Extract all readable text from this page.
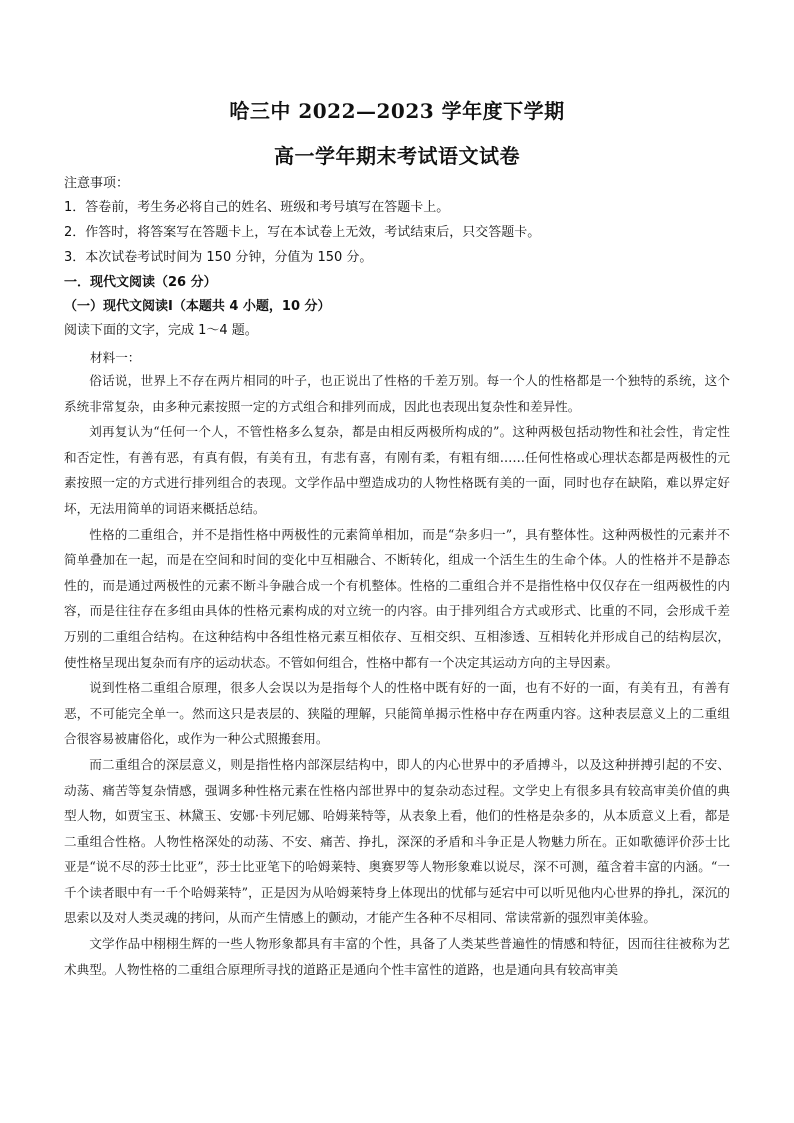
哈三中 2022—2023 学年度下学期
高一学年期末考试语文试卷
注意事项：
1．答卷前，考生务必将自己的姓名、班级和考号填写在答题卡上。
2．作答时，将答案写在答题卡上，写在本试卷上无效，考试结束后，只交答题卡。
3．本次试卷考试时间为 150 分钟，分值为 150 分。
一．现代文阅读（26 分）
（一）现代文阅读Ⅰ（本题共 4 小题，10 分）
阅读下面的文字，完成 1～4 题。
材料一：

俗话说，世界上不存在两片相同的叶子，也正说出了性格的千差万别。每一个人的性格都是一个独特的系统，这个系统非常复杂，由多种元素按照一定的方式组合和排列而成，因此也表现出复杂性和差异性。

刘再复认为“任何一个人，不管性格多么复杂，都是由相反两极所构成的”。这种两极包括动物性和社会性，肯定性和否定性，有善有恶，有真有假，有美有丑，有悲有喜，有刚有柔，有粗有细……任何性格或心理状态都是两极性的元素按照一定的方式进行排列组合的表现。文学作品中塑造成功的人物性格既有美的一面，同时也存在缺陷，难以界定好坏，无法用简单的词语来概括总结。

性格的二重组合，并不是指性格中两极性的元素简单相加，而是“杂多归一”，具有整体性。这种两极性的元素并不简单叠加在一起，而是在空间和时间的变化中互相融合、不断转化，组成一个活生生的生命个体。人的性格并不是静态性的，而是通过两极性的元素不断斗争融合成一个有机整体。性格的二重组合并不是指性格中仅仅存在一组两极性的内容，而是往往存在多组由具体的性格元素构成的对立统一的内容。由于排列组合方式或形式、比重的不同，会形成千差万别的二重组合结构。在这种结构中各组性格元素互相依存、互相交织、互相渗透、互相转化并形成自己的结构层次，使性格呈现出复杂而有序的运动状态。不管如何组合，性格中都有一个决定其运动方向的主导因素。

说到性格二重组合原理，很多人会误以为是指每个人的性格中既有好的一面，也有不好的一面，有美有丑，有善有恶，不可能完全单一。然而这只是表层的、狭隘的理解，只能简单揭示性格中存在两重内容。这种表层意义上的二重组合很容易被庸俗化，或作为一种公式照搬套用。

而二重组合的深层意义，则是指性格内部深层结构中，即人的内心世界中的矛盾搏斗，以及这种拼搏引起的不安、动荡、痛苦等复杂情感，强调多种性格元素在性格内部世界中的复杂动态过程。文学史上有很多具有较高审美价值的典型人物，如贾宝玉、林黛玉、安娜·卡列尼娜、哈姆莱特等，从表象上看，他们的性格是杂多的，从本质意义上看，都是二重组合性格。人物性格深处的动荡、不安、痛苦、挣扎，深深的矛盾和斗争正是人物魅力所在。正如歌德评价莎士比亚是“说不尽的莎士比亚”，莎士比亚笔下的哈姆莱特、奥赛罗等人物形象难以说尽，深不可测，蕴含着丰富的内涵。“一千个读者眼中有一千个哈姆莱特”，正是因为从哈姆莱特身上体现出的忧郁与延宕中可以听见他内心世界的挣扎，深沉的思索以及对人类灵魂的拷问，从而产生情感上的颤动，才能产生各种不尽相同、常读常新的强烈审美体验。

文学作品中栩栩生辉的一些人物形象都具有丰富的个性，具备了人类某些普遍性的情感和特征，因而往往被称为艺术典型。人物性格的二重组合原理所寻找的道路正是通向个性丰富性的道路，也是通向具有较高审美
